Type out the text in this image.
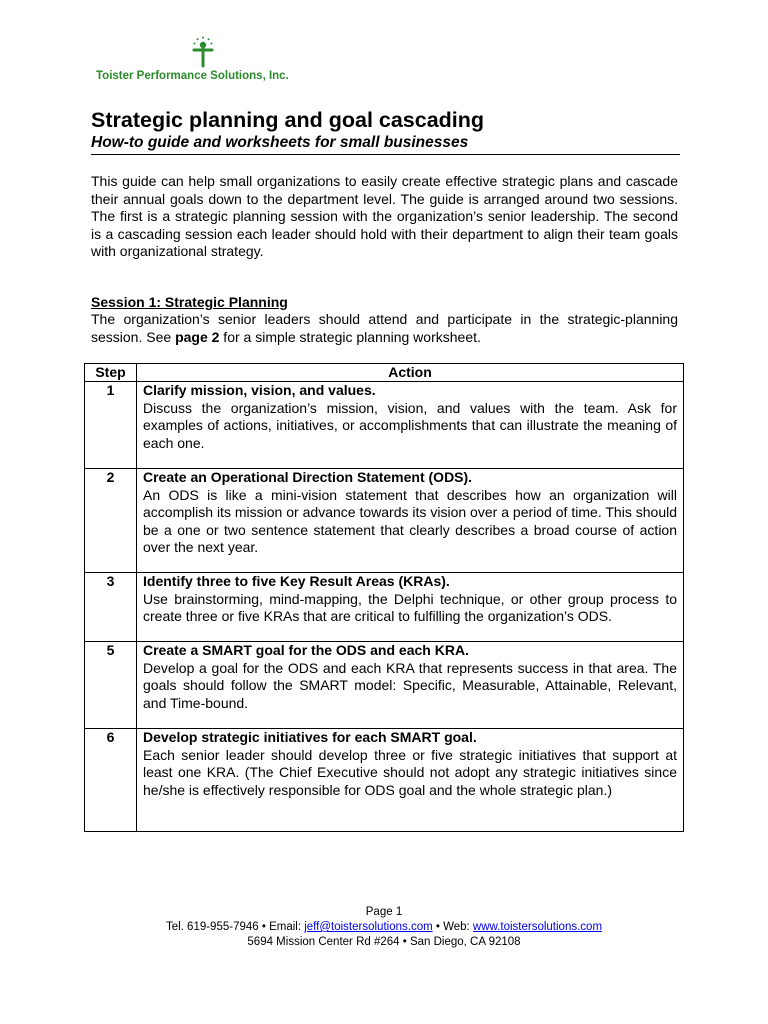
Toister Performance Solutions, Inc.
Strategic planning and goal cascading
How-to guide and worksheets for small businesses

This guide can help small organizations to easily create effective strategic plans and cascade their annual goals down to the department level. The guide is arranged around two sessions. The first is a strategic planning session with the organization’s senior leadership. The second is a cascading session each leader should hold with their department to align their team goals with organizational strategy.

Session 1: Strategic Planning

The organization’s senior leaders should attend and participate in the strategic-planning session. See page 2 for a simple strategic planning worksheet.

Step	Action
1	Clarify mission, vision, and values.
Discuss the organization’s mission, vision, and values with the team. Ask for examples of actions, initiatives, or accomplishments that can illustrate the meaning of each one.
2	Create an Operational Direction Statement (ODS).
An ODS is like a mini-vision statement that describes how an organization will accomplish its mission or advance towards its vision over a period of time. This should be a one or two sentence statement that clearly describes a broad course of action over the next year.
3	Identify three to five Key Result Areas (KRAs).
Use brainstorming, mind-mapping, the Delphi technique, or other group process to create three or five KRAs that are critical to fulfilling the organization’s ODS.
5	Create a SMART goal for the ODS and each KRA.
Develop a goal for the ODS and each KRA that represents success in that area. The goals should follow the SMART model: Specific, Measurable, Attainable, Relevant, and Time-bound.
6	Develop strategic initiatives for each SMART goal.
Each senior leader should develop three or five strategic initiatives that support at least one KRA. (The Chief Executive should not adopt any strategic initiatives since he/she is effectively responsible for ODS goal and the whole strategic plan.)
Page 1
Tel. 619-955-7946 • Email: jeff@toistersolutions.com • Web: www.toistersolutions.com
5694 Mission Center Rd #264 • San Diego, CA 92108
